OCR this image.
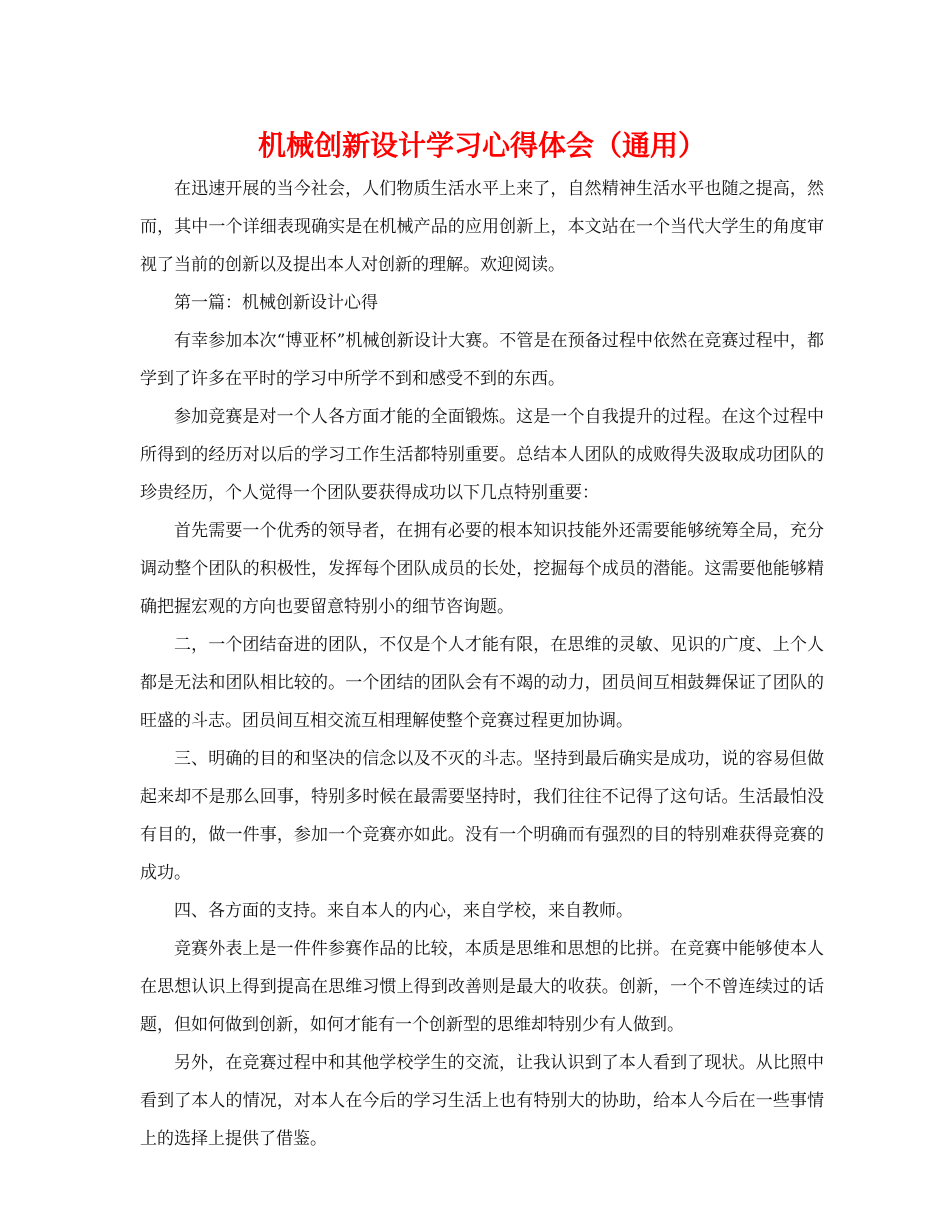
机械创新设计学习心得体会（通用）

在迅速开展的当今社会，人们物质生活水平上来了，自然精神生活水平也随之提高，然而，其中一个详细表现确实是在机械产品的应用创新上，本文站在一个当代大学生的角度审视了当前的创新以及提出本人对创新的理解。欢迎阅读。

第一篇：机械创新设计心得

有幸参加本次“博亚杯”机械创新设计大赛。不管是在预备过程中依然在竞赛过程中，都学到了许多在平时的学习中所学不到和感受不到的东西。

参加竞赛是对一个人各方面才能的全面锻炼。这是一个自我提升的过程。在这个过程中所得到的经历对以后的学习工作生活都特别重要。总结本人团队的成败得失汲取成功团队的珍贵经历，个人觉得一个团队要获得成功以下几点特别重要：

首先需要一个优秀的领导者，在拥有必要的根本知识技能外还需要能够统筹全局，充分调动整个团队的积极性，发挥每个团队成员的长处，挖掘每个成员的潜能。这需要他能够精确把握宏观的方向也要留意特别小的细节咨询题。

二，一个团结奋进的团队，不仅是个人才能有限，在思维的灵敏、见识的广度、上个人都是无法和团队相比较的。一个团结的团队会有不竭的动力，团员间互相鼓舞保证了团队的旺盛的斗志。团员间互相交流互相理解使整个竞赛过程更加协调。

三、明确的目的和坚决的信念以及不灭的斗志。坚持到最后确实是成功，说的容易但做起来却不是那么回事，特别多时候在最需要坚持时，我们往往不记得了这句话。生活最怕没有目的，做一件事，参加一个竞赛亦如此。没有一个明确而有强烈的目的特别难获得竞赛的成功。

四、各方面的支持。来自本人的内心，来自学校，来自教师。

竞赛外表上是一件件参赛作品的比较，本质是思维和思想的比拼。在竞赛中能够使本人在思想认识上得到提高在思维习惯上得到改善则是最大的收获。创新，一个不曾连续过的话题，但如何做到创新，如何才能有一个创新型的思维却特别少有人做到。

另外，在竞赛过程中和其他学校学生的交流，让我认识到了本人看到了现状。从比照中看到了本人的情况，对本人在今后的学习生活上也有特别大的协助，给本人今后在一些事情上的选择上提供了借鉴。
